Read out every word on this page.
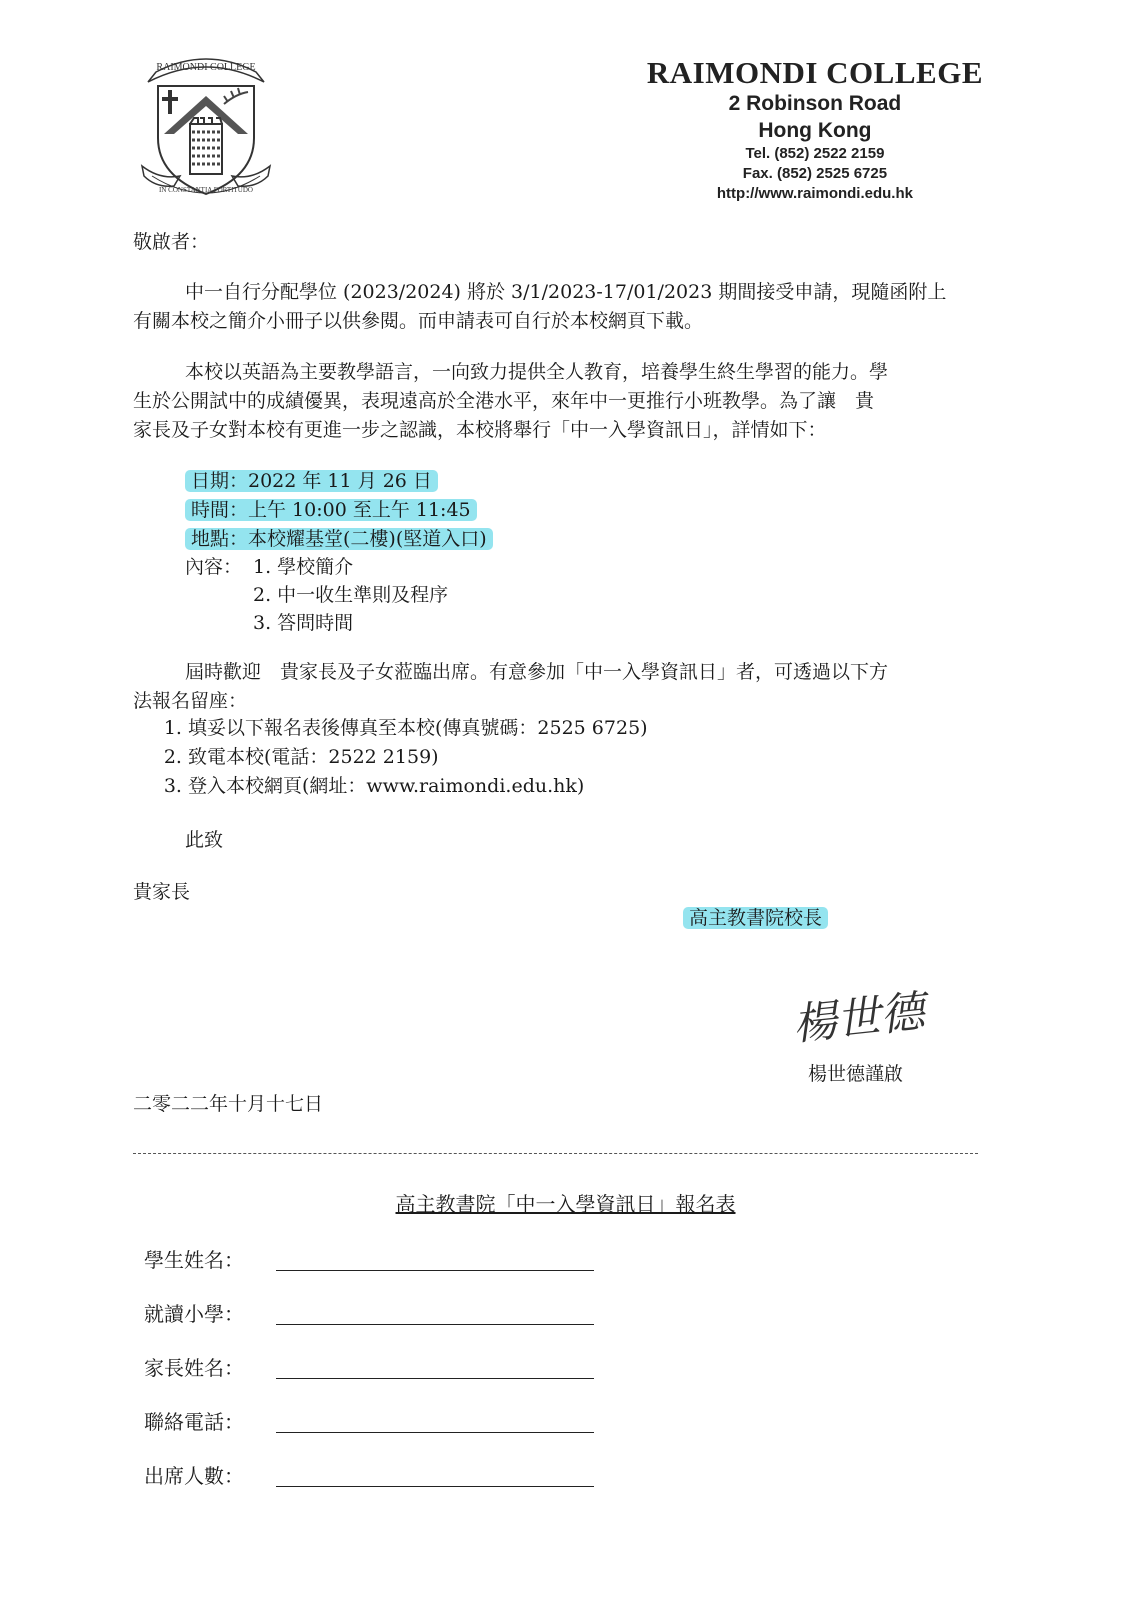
RAIMONDI COLLEGE
IN CONSTANTIA FORTITUDO
RAIMONDI COLLEGE
2 Robinson Road
Hong Kong
Tel. (852) 2522 2159
Fax. (852) 2525 6725
http://www.raimondi.edu.hk
敬啟者：
中一自行分配學位 (2023/2024) 將於 3/1/2023-17/01/2023 期間接受申請，現隨函附上
有關本校之簡介小冊子以供參閱。而申請表可自行於本校網頁下載。
本校以英語為主要教學語言，一向致力提供全人教育，培養學生終生學習的能力。學
生於公開試中的成績優異，表現遠高於全港水平，來年中一更推行小班教學。為了讓　貴
家長及子女對本校有更進一步之認識，本校將舉行「中一入學資訊日」，詳情如下：
日期：2022 年 11 月 26 日
時間：上午 10:00 至上午 11:45
地點：本校耀基堂(二樓)(堅道入口)
內容： 1. 學校簡介
2. 中一收生準則及程序
3. 答問時間
屆時歡迎　貴家長及子女蒞臨出席。有意參加「中一入學資訊日」者，可透過以下方
法報名留座：
1. 填妥以下報名表後傳真至本校(傳真號碼：2525 6725)
2. 致電本校(電話：2522 2159)
3. 登入本校網頁(網址：www.raimondi.edu.hk)
此致
貴家長
高主教書院校長
楊世德
楊世德謹啟
二零二二年十月十七日
高主教書院「中一入學資訊日」報名表
學生姓名：
就讀小學：
家長姓名：
聯絡電話：
出席人數：
